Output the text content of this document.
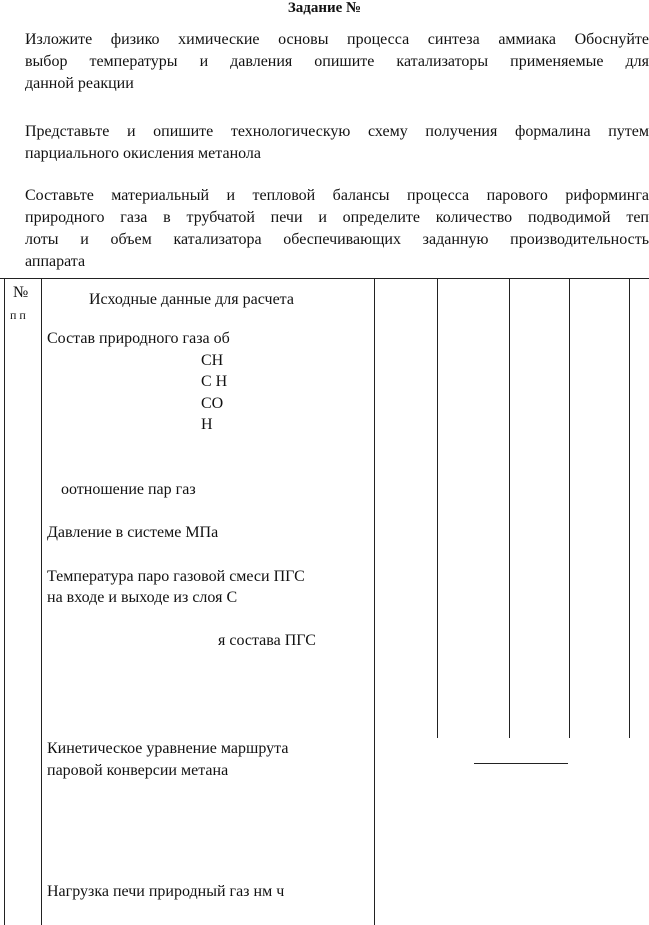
Задание №
Изложите физико химические основы процесса синтеза аммиака Обоснуйте
выбор температуры и давления опишите катализаторы применяемые для
данной реакции
Представьте и опишите технологическую схему получения формалина путем
парциального окисления метанола
Составьте материальный и тепловой балансы процесса парового риформинга
природного газа в трубчатой печи и определите количество подводимой теп
лоты и объем катализатора обеспечивающих заданную производительность
аппарата
№
п п
Исходные данные для расчета
Состав природного газа об
СН
С Н
СО
Н
оотношение пар газ
Давление в системе МПа
Температура паро газовой смеси ПГС
на входе и выходе из слоя С
я состава ПГС
Кинетическое уравнение маршрута
паровой конверсии метана
Нагрузка печи природный газ нм ч
